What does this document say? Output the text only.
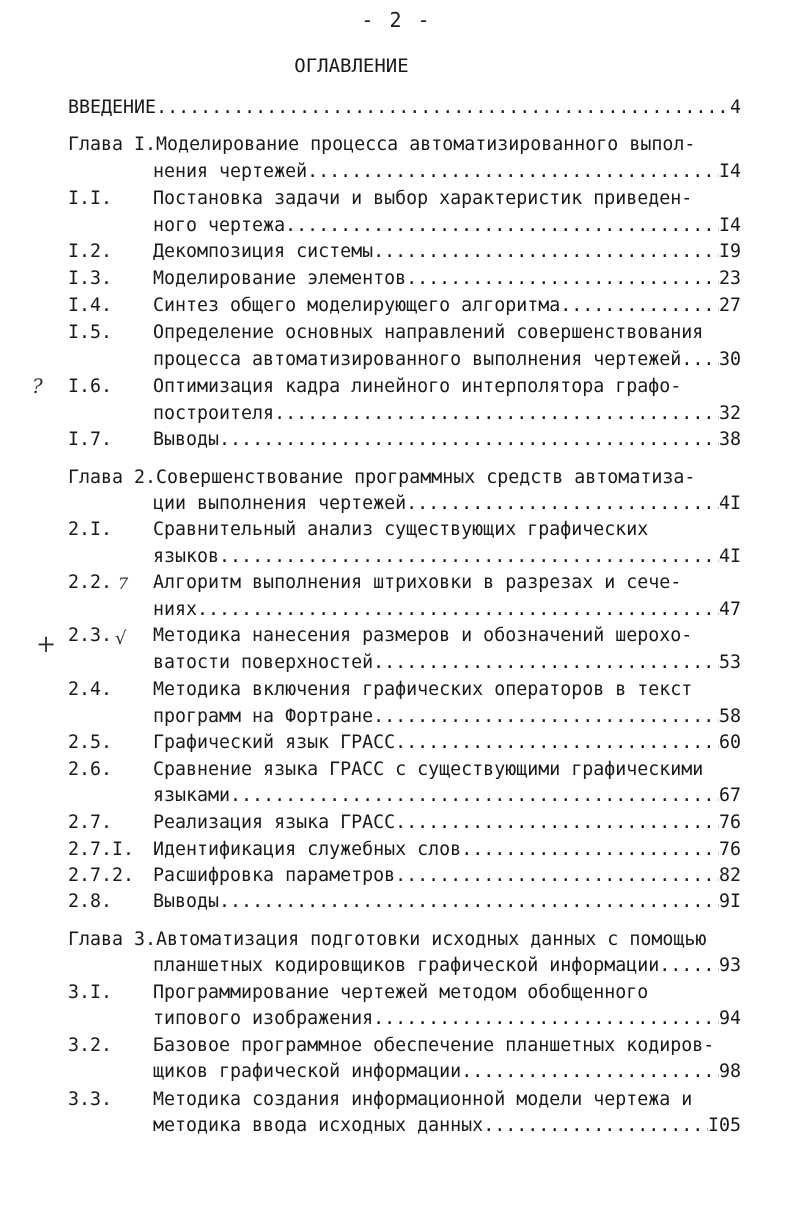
- 2 -
ОГЛАВЛЕНИЕ
ВВЕДЕНИЕ .....	4
Глава I.Моделирование процесса автоматизированного выпол-
нения чертежей .....	I4
I.I. Постановка задачи и выбор характеристик приведен-
ного чертежа .....	I4
I.2. Декомпозиция системы .....	I9
I.3. Моделирование элементов .....	23
I.4. Синтез общего моделирующего алгоритма .....	27
I.5. Определение основных направлений совершенствования
процесса автоматизированного выполнения чертежей ..... 30
I.6. Оптимизация кадра линейного интерполятора графо-
построителя .....	32
I.7. Выводы .....	38
Глава 2.Совершенствование программных средств автоматиза-
ции выполнения чертежей .....	4I
2.I. Сравнительный анализ существующих графических
языков .....	4I
2.2. Алгоритм выполнения штриховки в разрезах и сече-
ниях .....	47
2.3. Методика нанесения размеров и обозначений шерохо-
ватости поверхностей .....	53
2.4. Методика включения графических операторов в текст
программ на Фортране .....	58
2.5. Графический язык ГРАСС .....	60
2.6. Сравнение языка ГРАСС с существующими графическими
языками .....	67
2.7. Реализация языка ГРАСС .....	76
2.7.I. Идентификация служебных слов .....	76
2.7.2. Расшифровка параметров .....	82
2.8. Выводы .....	9I
Глава 3.Автоматизация подготовки исходных данных с помощью
планшетных кодировщиков графической информации .....	93
3.I. Программирование чертежей методом обобщенного
типового изображения .....	94
3.2. Базовое программное обеспечение планшетных кодиров-
щиков графической информации .....	98
3.3. Методика создания информационной модели чертежа и
методика ввода исходных данных .....	I05
?
7
√
+
